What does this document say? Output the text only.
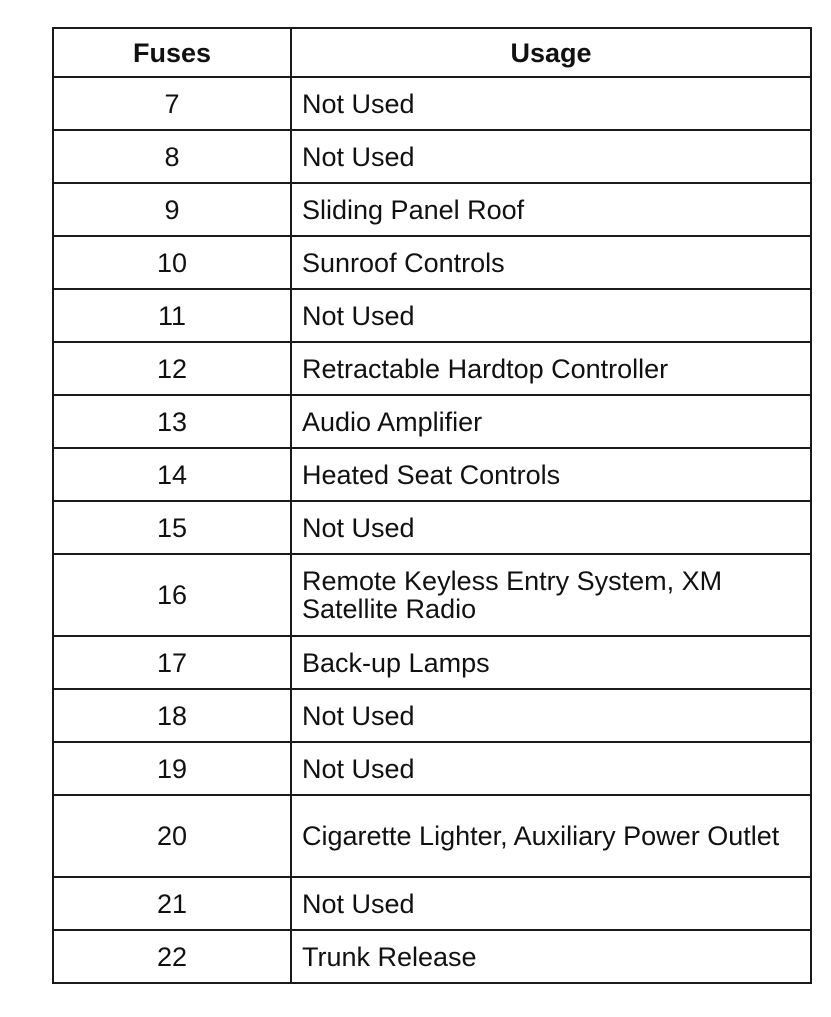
Fuses	Usage
7	Not Used
8	Not Used
9	Sliding Panel Roof
10	Sunroof Controls
11	Not Used
12	Retractable Hardtop Controller
13	Audio Amplifier
14	Heated Seat Controls
15	Not Used
16	Remote Keyless Entry System, XM Satellite Radio
17	Back-up Lamps
18	Not Used
19	Not Used
20	Cigarette Lighter, Auxiliary Power Outlet
21	Not Used
22	Trunk Release
